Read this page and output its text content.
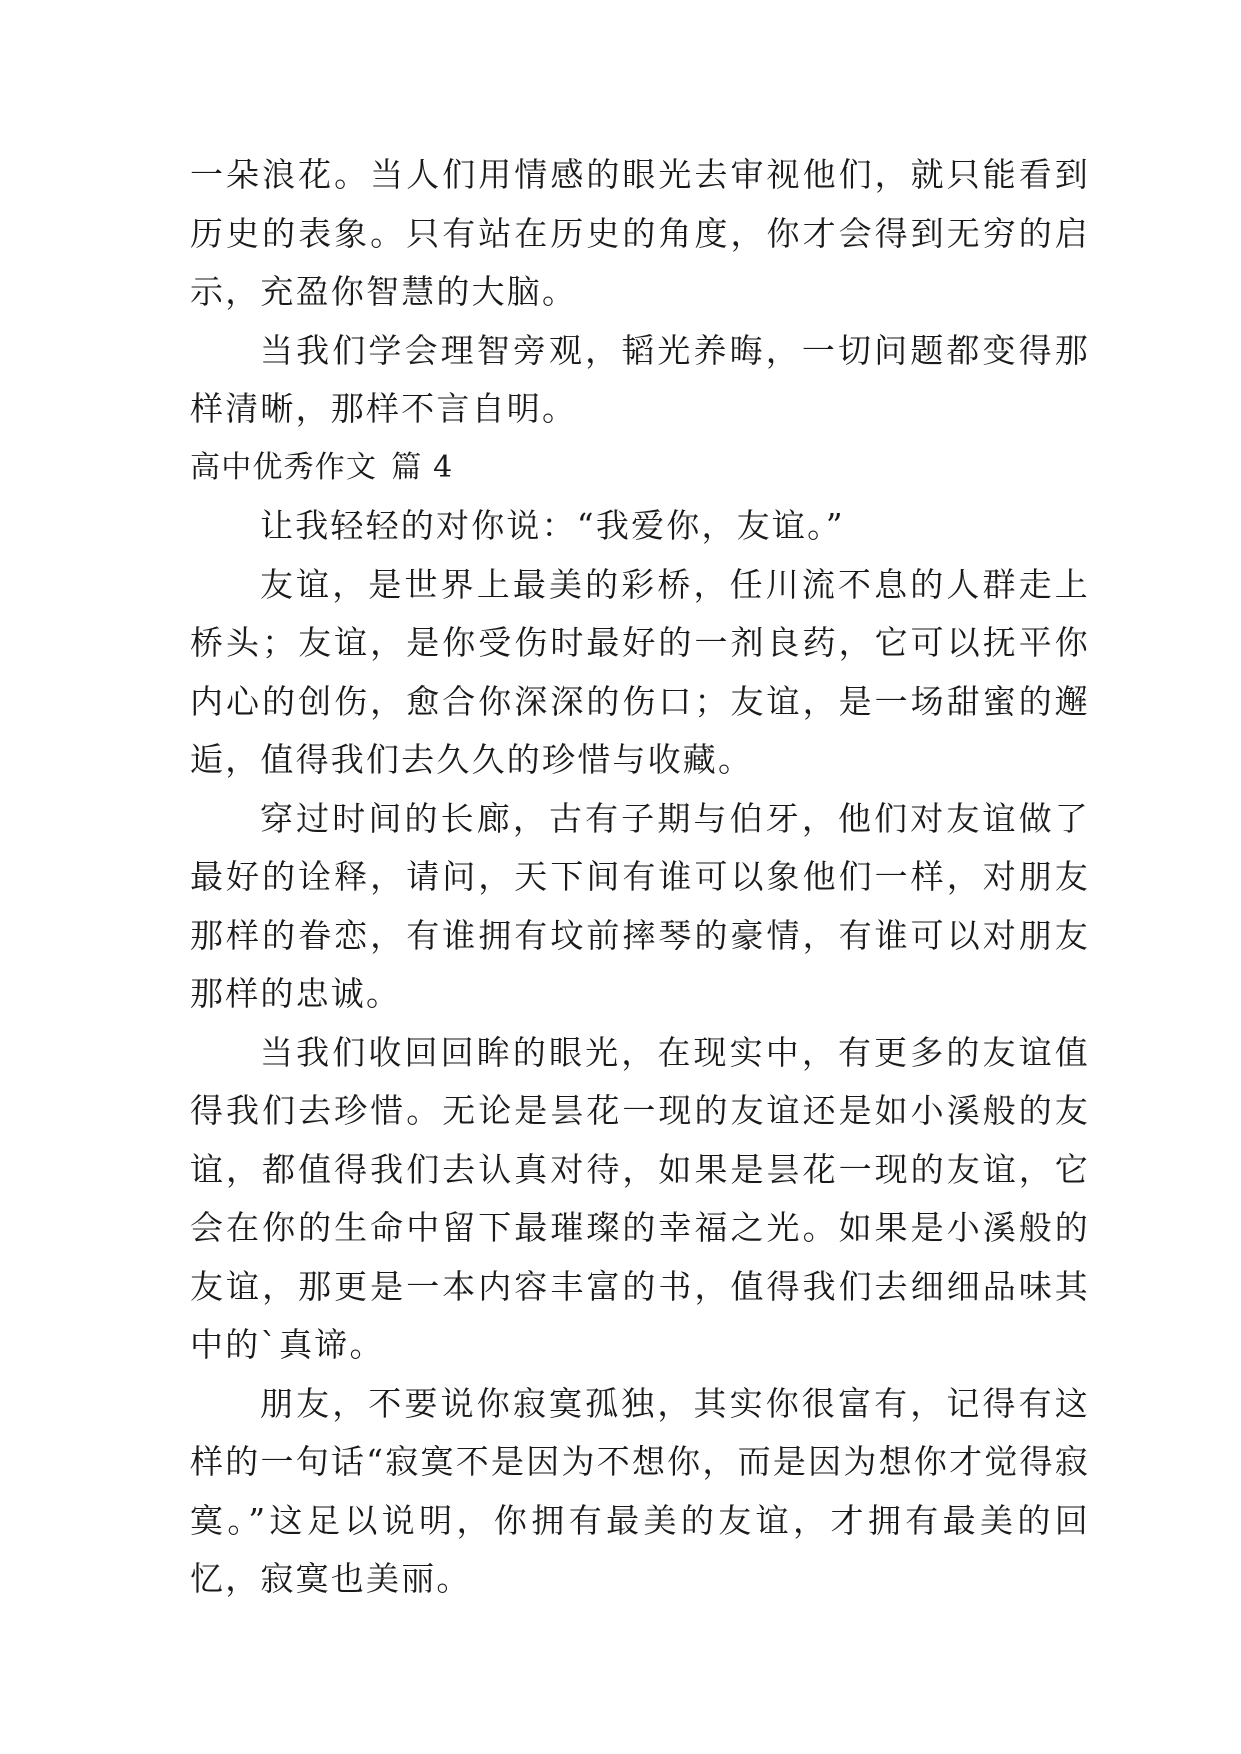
一朵浪花。当人们用情感的眼光去审视他们，就只能看到历史的表象。只有站在历史的角度，你才会得到无穷的启示，充盈你智慧的大脑。

当我们学会理智旁观，韬光养晦，一切问题都变得那样清晰，那样不言自明。

高中优秀作文 篇 4

让我轻轻的对你说：“我爱你，友谊。”

友谊，是世界上最美的彩桥，任川流不息的人群走上桥头；友谊，是你受伤时最好的一剂良药，它可以抚平你内心的创伤，愈合你深深的伤口；友谊，是一场甜蜜的邂逅，值得我们去久久的珍惜与收藏。

穿过时间的长廊，古有子期与伯牙，他们对友谊做了最好的诠释，请问，天下间有谁可以象他们一样，对朋友那样的眷恋，有谁拥有坟前摔琴的豪情，有谁可以对朋友那样的忠诚。

当我们收回回眸的眼光，在现实中，有更多的友谊值得我们去珍惜。无论是昙花一现的友谊还是如小溪般的友谊，都值得我们去认真对待，如果是昙花一现的友谊，它会在你的生命中留下最璀璨的幸福之光。如果是小溪般的友谊，那更是一本内容丰富的书，值得我们去细细品味其中的`真谛。

朋友，不要说你寂寞孤独，其实你很富有，记得有这样的一句话“寂寞不是因为不想你，而是因为想你才觉得寂寞。”这足以说明，你拥有最美的友谊，才拥有最美的回忆，寂寞也美丽。
